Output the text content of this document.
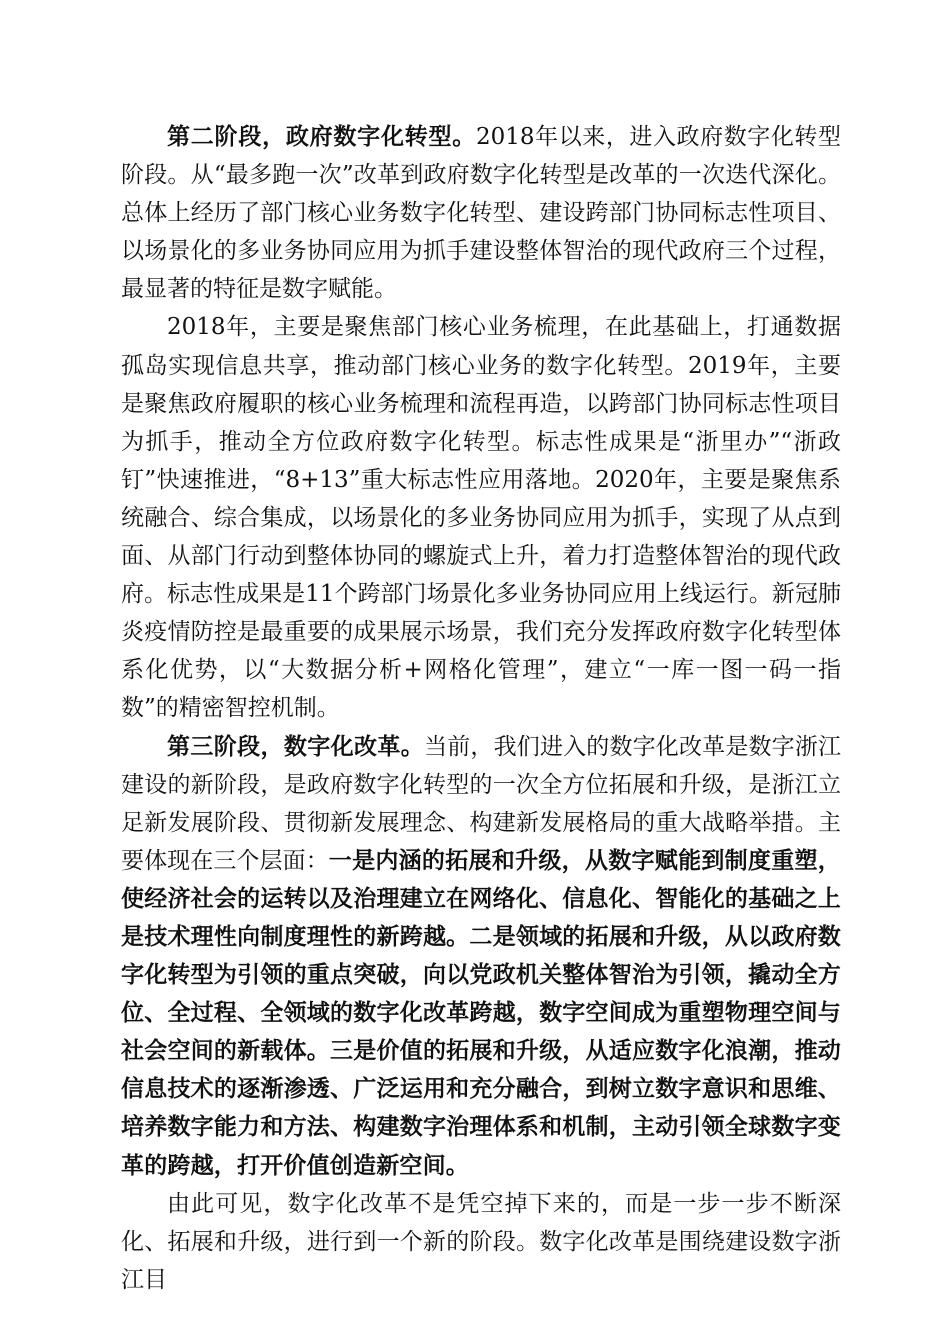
第二阶段，政府数字化转型。2018年以来，进入政府数字化转型阶段。从“最多跑一次”改革到政府数字化转型是改革的一次迭代深化。总体上经历了部门核心业务数字化转型、建设跨部门协同标志性项目、以场景化的多业务协同应用为抓手建设整体智治的现代政府三个过程，最显著的特征是数字赋能。

2018年，主要是聚焦部门核心业务梳理，在此基础上，打通数据孤岛实现信息共享，推动部门核心业务的数字化转型。2019年，主要是聚焦政府履职的核心业务梳理和流程再造，以跨部门协同标志性项目为抓手，推动全方位政府数字化转型。标志性成果是“浙里办”“浙政钉”快速推进，“8+13”重大标志性应用落地。2020年，主要是聚焦系统融合、综合集成，以场景化的多业务协同应用为抓手，实现了从点到面、从部门行动到整体协同的螺旋式上升，着力打造整体智治的现代政府。标志性成果是11个跨部门场景化多业务协同应用上线运行。新冠肺炎疫情防控是最重要的成果展示场景，我们充分发挥政府数字化转型体系化优势，以“大数据分析+网格化管理”，建立“一库一图一码一指数”的精密智控机制。

第三阶段，数字化改革。当前，我们进入的数字化改革是数字浙江建设的新阶段，是政府数字化转型的一次全方位拓展和升级，是浙江立足新发展阶段、贯彻新发展理念、构建新发展格局的重大战略举措。主要体现在三个层面：一是内涵的拓展和升级，从数字赋能到制度重塑，使经济社会的运转以及治理建立在网络化、信息化、智能化的基础之上是技术理性向制度理性的新跨越。二是领域的拓展和升级，从以政府数字化转型为引领的重点突破，向以党政机关整体智治为引领，撬动全方位、全过程、全领域的数字化改革跨越，数字空间成为重塑物理空间与社会空间的新载体。三是价值的拓展和升级，从适应数字化浪潮，推动信息技术的逐渐渗透、广泛运用和充分融合，到树立数字意识和思维、培养数字能力和方法、构建数字治理体系和机制，主动引领全球数字变革的跨越，打开价值创造新空间。

由此可见，数字化改革不是凭空掉下来的，而是一步一步不断深化、拓展和升级，进行到一个新的阶段。数字化改革是围绕建设数字浙江目
